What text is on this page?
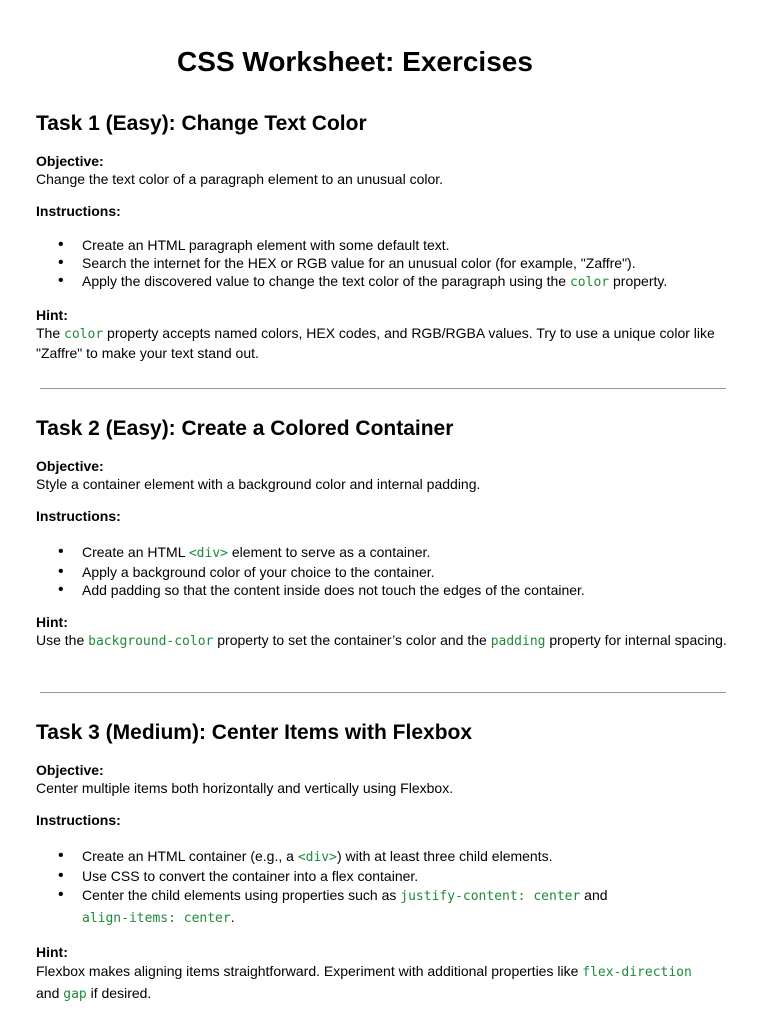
CSS Worksheet: Exercises
Task 1 (Easy): Change Text Color

Objective:

Change the text color of a paragraph element to an unusual color.

Instructions:

• Create an HTML paragraph element with some default text.
• Search the internet for the HEX or RGB value for an unusual color (for example, "Zaffre").
• Apply the discovered value to change the text color of the paragraph using the color property.

Hint:

The color property accepts named colors, HEX codes, and RGB/RGBA values. Try to use a unique color like "Zaffre" to make your text stand out.

Task 2 (Easy): Create a Colored Container

Objective:

Style a container element with a background color and internal padding.

Instructions:

• Create an HTML <div> element to serve as a container.
• Apply a background color of your choice to the container.
• Add padding so that the content inside does not touch the edges of the container.

Hint:

Use the background-color property to set the container’s color and the padding property for internal spacing.

Task 3 (Medium): Center Items with Flexbox

Objective:

Center multiple items both horizontally and vertically using Flexbox.

Instructions:

• Create an HTML container (e.g., a <div>) with at least three child elements.
• Use CSS to convert the container into a flex container.
• Center the child elements using properties such as justify-content: center and
align-items: center.

Hint:

Flexbox makes aligning items straightforward. Experiment with additional properties like flex-direction
and gap if desired.
